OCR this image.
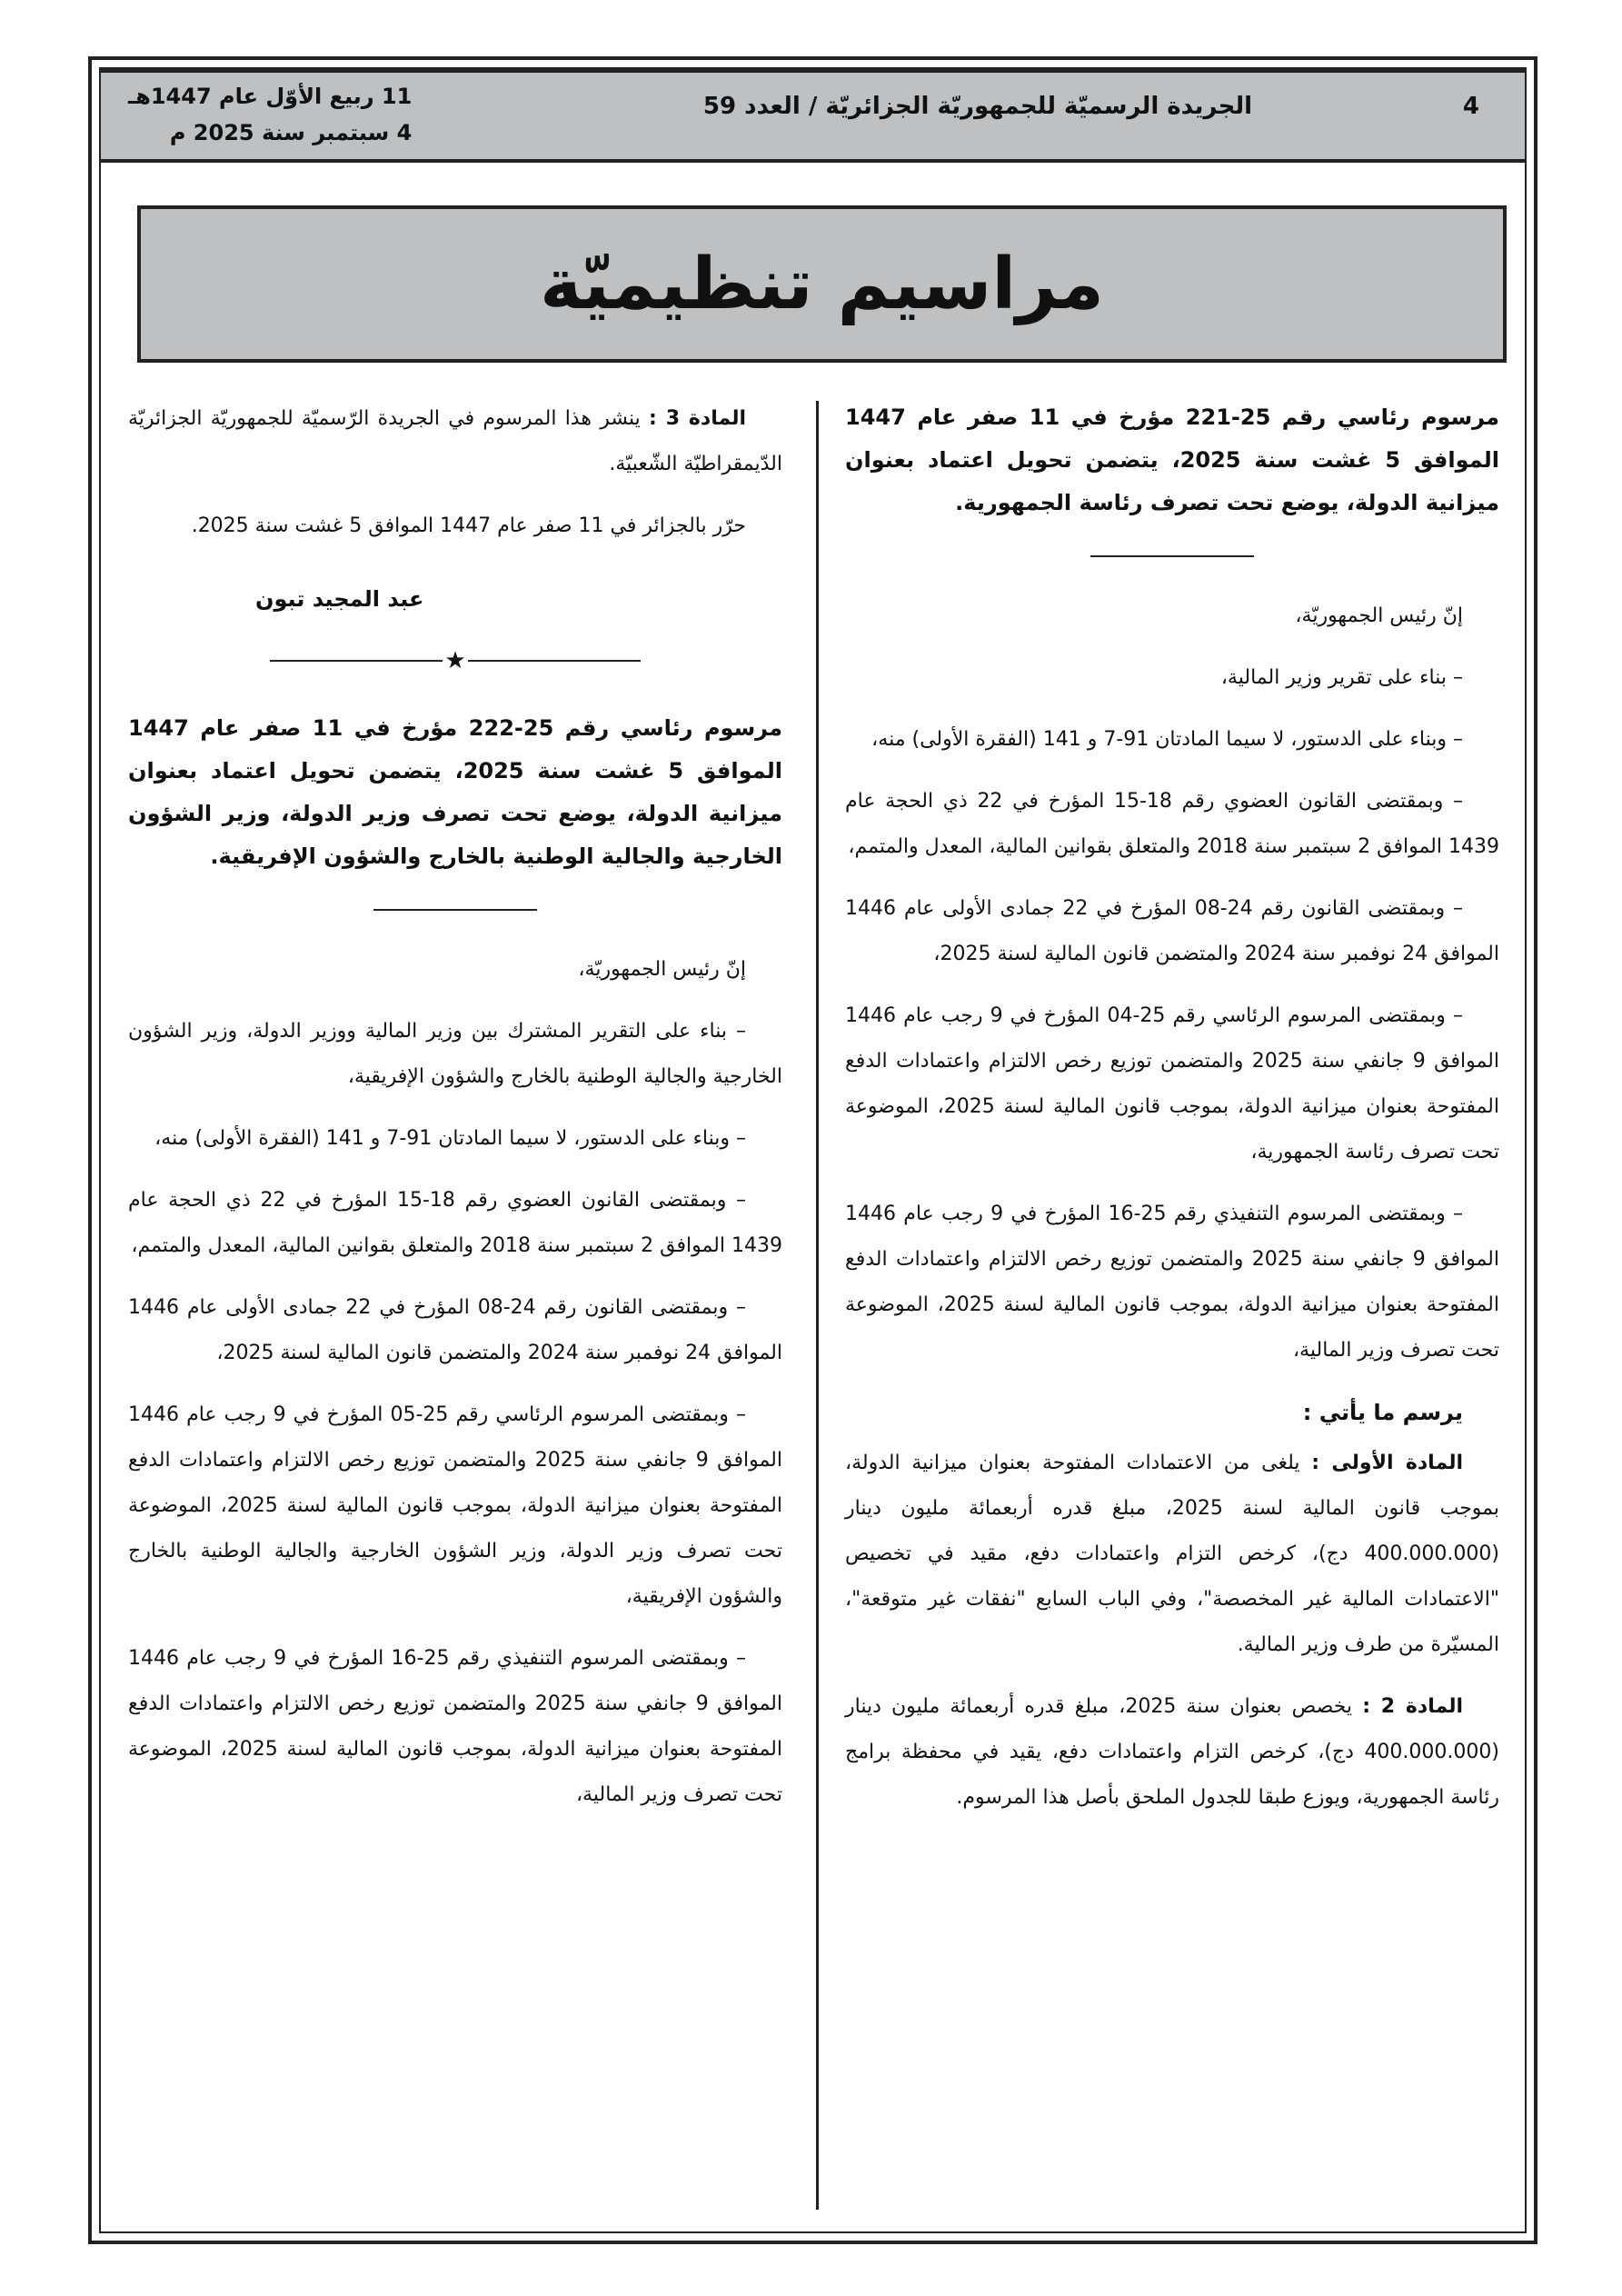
4
الجريدة الرسميّة للجمهوريّة الجزائريّة / العدد 59
11 ربيع الأوّل عام 1447هـ
4 سبتمبر سنة 2025 م
مراسيم تنظيميّة

مرسوم رئاسي رقم 25-221 مؤرخ في 11 صفر عام 1447 الموافق 5 غشت سنة 2025، يتضمن تحويل اعتماد بعنوان ميزانية الدولة، يوضع تحت تصرف رئاسة الجمهورية.

إنّ رئيس الجمهوريّة،

– بناء على تقرير وزير المالية،

– وبناء على الدستور، لا سيما المادتان 91-7 و 141 (الفقرة الأولى) منه،

– وبمقتضى القانون العضوي رقم 18-15 المؤرخ في 22 ذي الحجة عام 1439 الموافق 2 سبتمبر سنة 2018 والمتعلق بقوانين المالية، المعدل والمتمم،

– وبمقتضى القانون رقم 24-08 المؤرخ في 22 جمادى الأولى عام 1446 الموافق 24 نوفمبر سنة 2024 والمتضمن قانون المالية لسنة 2025،

– وبمقتضى المرسوم الرئاسي رقم 25-04 المؤرخ في 9 رجب عام 1446 الموافق 9 جانفي سنة 2025 والمتضمن توزيع رخص الالتزام واعتمادات الدفع المفتوحة بعنوان ميزانية الدولة، بموجب قانون المالية لسنة 2025، الموضوعة تحت تصرف رئاسة الجمهورية،

– وبمقتضى المرسوم التنفيذي رقم 25-16 المؤرخ في 9 رجب عام 1446 الموافق 9 جانفي سنة 2025 والمتضمن توزيع رخص الالتزام واعتمادات الدفع المفتوحة بعنوان ميزانية الدولة، بموجب قانون المالية لسنة 2025، الموضوعة تحت تصرف وزير المالية،

يرسم ما يأتي :

المادة الأولى : يلغى من الاعتمادات المفتوحة بعنوان ميزانية الدولة، بموجب قانون المالية لسنة 2025، مبلغ قدره أربعمائة مليون دينار (400.000.000 دج)، كرخص التزام واعتمادات دفع، مقيد في تخصيص "الاعتمادات المالية غير المخصصة"، وفي الباب السابع "نفقات غير متوقعة"، المسيّرة من طرف وزير المالية.

المادة 2 : يخصص بعنوان سنة 2025، مبلغ قدره أربعمائة مليون دينار (400.000.000 دج)، كرخص التزام واعتمادات دفع، يقيد في محفظة برامج رئاسة الجمهورية، ويوزع طبقا للجدول الملحق بأصل هذا المرسوم.

المادة 3 : ينشر هذا المرسوم في الجريدة الرّسميّة للجمهوريّة الجزائريّة الدّيمقراطيّة الشّعبيّة.

حرّر بالجزائر في 11 صفر عام 1447 الموافق 5 غشت سنة 2025.

عبد المجيد تبون
★

مرسوم رئاسي رقم 25-222 مؤرخ في 11 صفر عام 1447 الموافق 5 غشت سنة 2025، يتضمن تحويل اعتماد بعنوان ميزانية الدولة، يوضع تحت تصرف وزير الدولة، وزير الشؤون الخارجية والجالية الوطنية بالخارج والشؤون الإفريقية.

إنّ رئيس الجمهوريّة،

– بناء على التقرير المشترك بين وزير المالية ووزير الدولة، وزير الشؤون الخارجية والجالية الوطنية بالخارج والشؤون الإفريقية،

– وبناء على الدستور، لا سيما المادتان 91-7 و 141 (الفقرة الأولى) منه،

– وبمقتضى القانون العضوي رقم 18-15 المؤرخ في 22 ذي الحجة عام 1439 الموافق 2 سبتمبر سنة 2018 والمتعلق بقوانين المالية، المعدل والمتمم،

– وبمقتضى القانون رقم 24-08 المؤرخ في 22 جمادى الأولى عام 1446 الموافق 24 نوفمبر سنة 2024 والمتضمن قانون المالية لسنة 2025،

– وبمقتضى المرسوم الرئاسي رقم 25-05 المؤرخ في 9 رجب عام 1446 الموافق 9 جانفي سنة 2025 والمتضمن توزيع رخص الالتزام واعتمادات الدفع المفتوحة بعنوان ميزانية الدولة، بموجب قانون المالية لسنة 2025، الموضوعة تحت تصرف وزير الدولة، وزير الشؤون الخارجية والجالية الوطنية بالخارج والشؤون الإفريقية،

– وبمقتضى المرسوم التنفيذي رقم 25-16 المؤرخ في 9 رجب عام 1446 الموافق 9 جانفي سنة 2025 والمتضمن توزيع رخص الالتزام واعتمادات الدفع المفتوحة بعنوان ميزانية الدولة، بموجب قانون المالية لسنة 2025، الموضوعة تحت تصرف وزير المالية،
